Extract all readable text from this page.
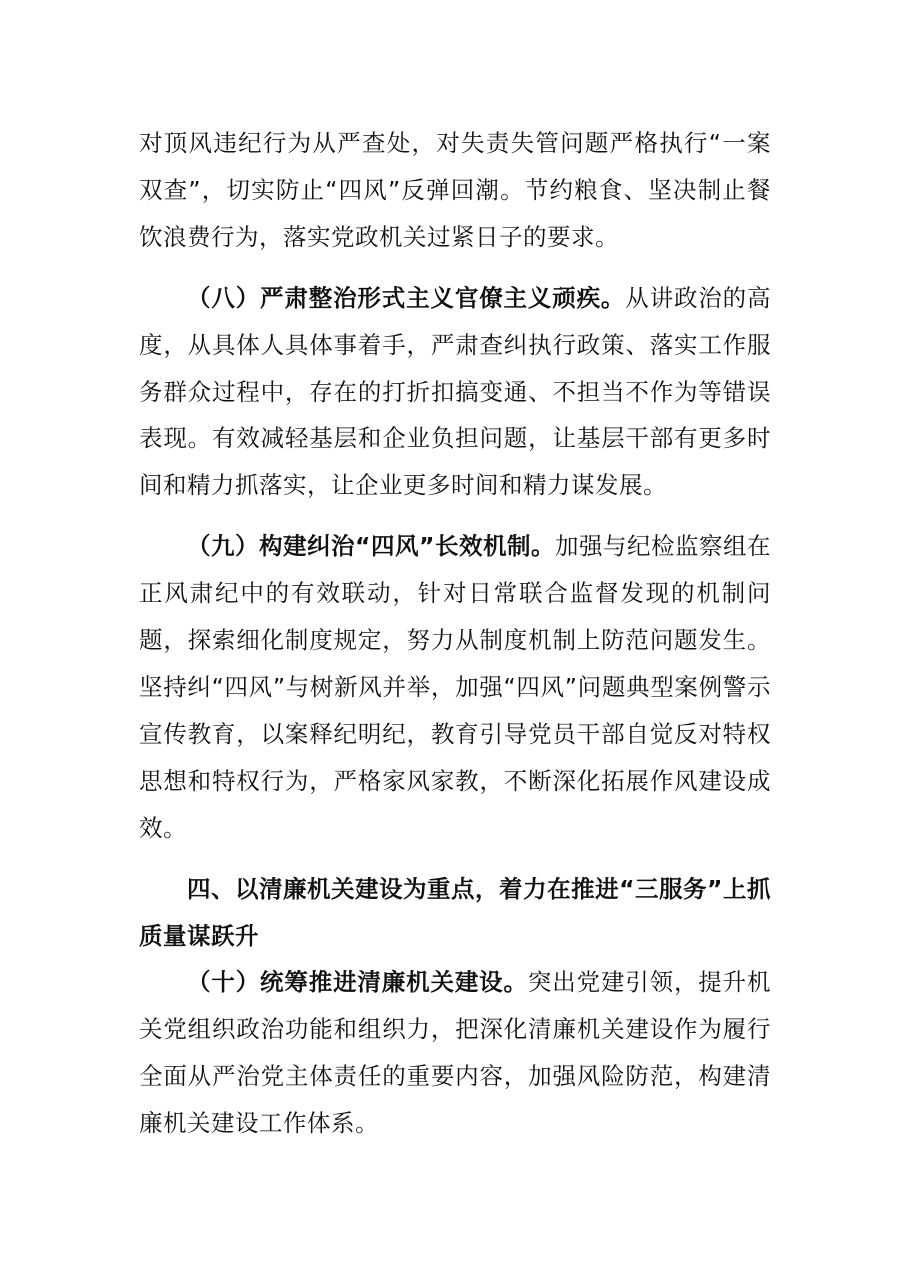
对顶风违纪行为从严查处，对失责失管问题严格执行“一案双查”，切实防止“四风”反弹回潮。节约粮食、坚决制止餐饮浪费行为，落实党政机关过紧日子的要求。

（八）严肃整治形式主义官僚主义顽疾。从讲政治的高度，从具体人具体事着手，严肃查纠执行政策、落实工作服务群众过程中，存在的打折扣搞变通、不担当不作为等错误表现。有效减轻基层和企业负担问题，让基层干部有更多时间和精力抓落实，让企业更多时间和精力谋发展。

（九）构建纠治“四风”长效机制。加强与纪检监察组在正风肃纪中的有效联动，针对日常联合监督发现的机制问题，探索细化制度规定，努力从制度机制上防范问题发生。坚持纠“四风”与树新风并举，加强“四风”问题典型案例警示宣传教育，以案释纪明纪，教育引导党员干部自觉反对特权思想和特权行为，严格家风家教，不断深化拓展作风建设成效。

四、以清廉机关建设为重点，着力在推进“三服务”上抓质量谋跃升

（十）统筹推进清廉机关建设。突出党建引领，提升机关党组织政治功能和组织力，把深化清廉机关建设作为履行全面从严治党主体责任的重要内容，加强风险防范，构建清廉机关建设工作体系。
